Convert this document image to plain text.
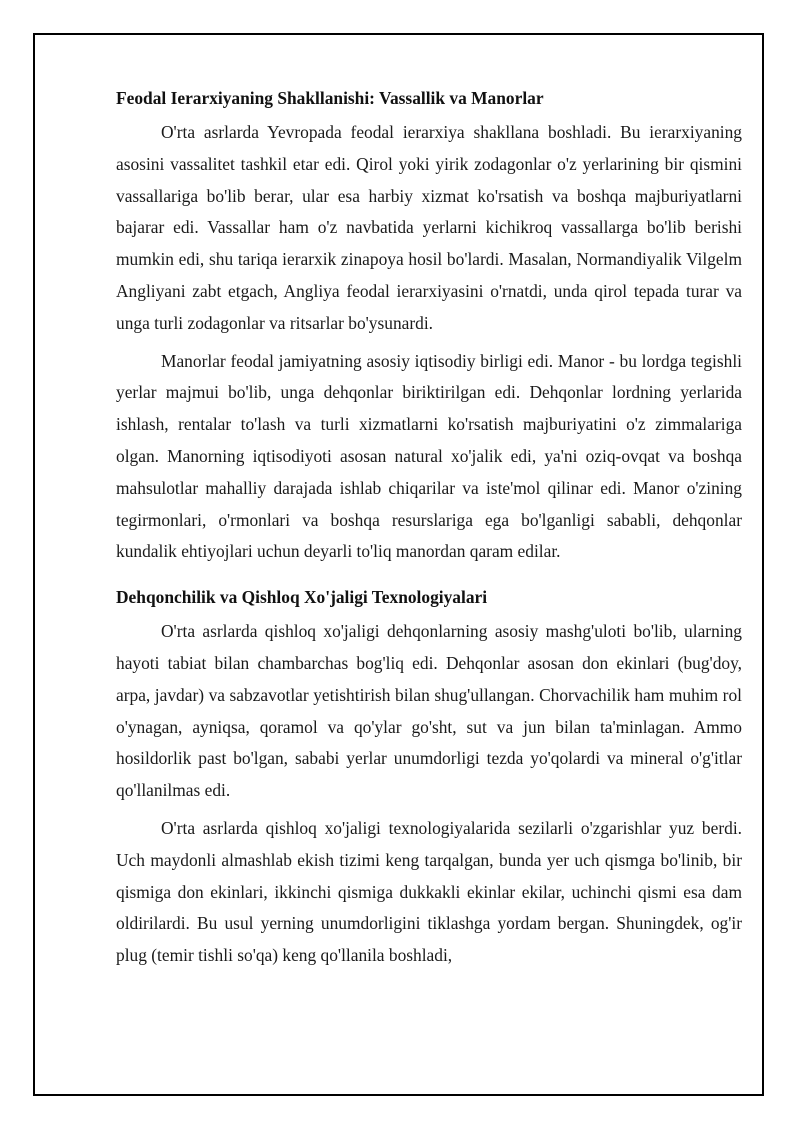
Feodal Ierarxiyaning Shakllanishi: Vassallik va Manorlar

O'rta asrlarda Yevropada feodal ierarxiya shakllana boshladi. Bu ierarxiyaning asosini vassalitet tashkil etar edi. Qirol yoki yirik zodagonlar o'z yerlarining bir qismini vassallariga bo'lib berar, ular esa harbiy xizmat ko'rsatish va boshqa majburiyatlarni bajarar edi. Vassallar ham o'z navbatida yerlarni kichikroq vassallarga bo'lib berishi mumkin edi, shu tariqa ierarxik zinapoya hosil bo'lardi. Masalan, Normandiyalik Vilgelm Angliyani zabt etgach, Angliya feodal ierarxiyasini o'rnatdi, unda qirol tepada turar va unga turli zodagonlar va ritsarlar bo'ysunardi.

Manorlar feodal jamiyatning asosiy iqtisodiy birligi edi. Manor - bu lordga tegishli yerlar majmui bo'lib, unga dehqonlar biriktirilgan edi. Dehqonlar lordning yerlarida ishlash, rentalar to'lash va turli xizmatlarni ko'rsatish majburiyatini o'z zimmalariga olgan. Manorning iqtisodiyoti asosan natural xo'jalik edi, ya'ni oziq-ovqat va boshqa mahsulotlar mahalliy darajada ishlab chiqarilar va iste'mol qilinar edi. Manor o'zining tegirmonlari, o'rmonlari va boshqa resurslariga ega bo'lganligi sababli, dehqonlar kundalik ehtiyojlari uchun deyarli to'liq manordan qaram edilar.

Dehqonchilik va Qishloq Xo'jaligi Texnologiyalari

O'rta asrlarda qishloq xo'jaligi dehqonlarning asosiy mashg'uloti bo'lib, ularning hayoti tabiat bilan chambarchas bog'liq edi. Dehqonlar asosan don ekinlari (bug'doy, arpa, javdar) va sabzavotlar yetishtirish bilan shug'ullangan. Chorvachilik ham muhim rol o'ynagan, ayniqsa, qoramol va qo'ylar go'sht, sut va jun bilan ta'minlagan. Ammo hosildorlik past bo'lgan, sababi yerlar unumdorligi tezda yo'qolardi va mineral o'g'itlar qo'llanilmas edi.

O'rta asrlarda qishloq xo'jaligi texnologiyalarida sezilarli o'zgarishlar yuz berdi. Uch maydonli almashlab ekish tizimi keng tarqalgan, bunda yer uch qismga bo'linib, bir qismiga don ekinlari, ikkinchi qismiga dukkakli ekinlar ekilar, uchinchi qismi esa dam oldirilardi. Bu usul yerning unumdorligini tiklashga yordam bergan. Shuningdek, og'ir plug (temir tishli so'qa) keng qo'llanila boshladi,
